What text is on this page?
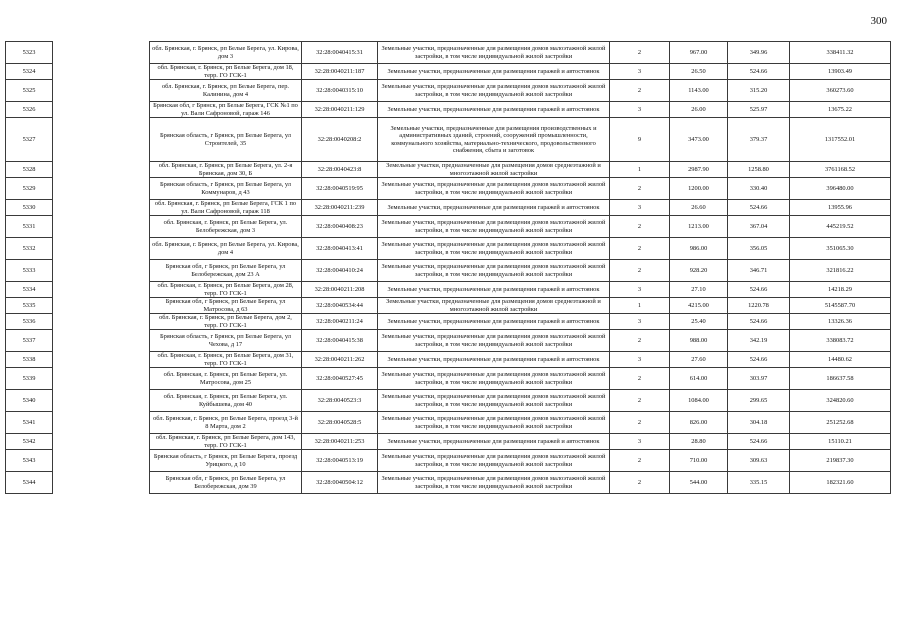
300
5323		обл. Брянская, г. Брянск, рп Белые Берега, ул. Кирова, дом 3	32:28:0040415:31	Земельные участки, предназначенные для размещения домов малоэтажной жилой застройки, в том числе индивидуальной жилой застройки	2	967.00	349.96	338411.32
5324		обл. Брянская, г. Брянск, рп Белые Берега, дом 18, терр. ГО ГСК-1	32:28:0040211:187	Земельные участки, предназначенные для размещения гаражей и автостоянок	3	26.50	524.66	13903.49
5325		обл. Брянская, г. Брянск, рп Белые Берега, пер. Калинина, дом 4	32:28:0040315:10	Земельные участки, предназначенные для размещения домов малоэтажной жилой застройки, в том числе индивидуальной жилой застройки	2	1143.00	315.20	360273.60
5326		Брянская обл, г Брянск, рп Белые Берега, ГСК №1 по ул. Вали Сафроновой, гараж 146	32:28:0040211:129	Земельные участки, предназначенные для размещения гаражей и автостоянок	3	26.00	525.97	13675.22
5327		Брянская область, г Брянск, рп Белые Берега, ул Строителей, 35	32:28:0040208:2	Земельные участки, предназначенные для размещения производственных и административных зданий, строений, сооружений промышленности, коммунального хозяйства, материально-технического, продовольственного снабжения, сбыта и заготовок	9	3473.00	379.37	1317552.01
5328		обл. Брянская, г. Брянск, рп Белые Берега, ул. 2-я Брянская, дом 30, Б	32:28:0040423:8	Земельные участки, предназначенные для размещения домов среднеэтажной и многоэтажной жилой застройки	1	2987.90	1258.80	3761168.52
5329		Брянская область, г Брянск, рп Белые Берега, ул Коммунаров, д 43	32:28:0040519:95	Земельные участки, предназначенные для размещения домов малоэтажной жилой застройки, в том числе индивидуальной жилой застройки	2	1200.00	330.40	396480.00
5330		обл. Брянская, г. Брянск, рп Белые Берега, ГСК 1 по ул. Вали Сафроновой, гараж 118	32:28:0040211:239	Земельные участки, предназначенные для размещения гаражей и автостоянок	3	26.60	524.66	13955.96
5331		обл. Брянская, г. Брянск, рп Белые Берега, ул. Белобережская, дом 3	32:28:0040408:23	Земельные участки, предназначенные для размещения домов малоэтажной жилой застройки, в том числе индивидуальной жилой застройки	2	1213.00	367.04	445219.52
5332		обл. Брянская, г. Брянск, рп Белые Берега, ул. Кирова, дом 4	32:28:0040413:41	Земельные участки, предназначенные для размещения домов малоэтажной жилой застройки, в том числе индивидуальной жилой застройки	2	986.00	356.05	351065.30
5333		Брянская обл, г Брянск, рп Белые Берега, ул Белобережская, дом 23 А	32:28:0040410:24	Земельные участки, предназначенные для размещения домов малоэтажной жилой застройки, в том числе индивидуальной жилой застройки	2	928.20	346.71	321816.22
5334		обл. Брянская, г. Брянск, рп Белые Берега, дом 28, терр. ГО ГСК-1	32:28:0040211:208	Земельные участки, предназначенные для размещения гаражей и автостоянок	3	27.10	524.66	14218.29
5335		Брянская обл, г Брянск, рп Белые Берега, ул Матросова, д 63	32:28:0040534:44	Земельные участки, предназначенные для размещения домов среднеэтажной и многоэтажной жилой застройки	1	4215.00	1220.78	5145587.70
5336		обл. Брянская, г. Брянск, рп Белые Берега, дом 2, терр. ГО ГСК-1	32:28:0040211:24	Земельные участки, предназначенные для размещения гаражей и автостоянок	3	25.40	524.66	13326.36
5337		Брянская область, г Брянск, рп Белые Берега, ул Чехова, д 17	32:28:0040415:38	Земельные участки, предназначенные для размещения домов малоэтажной жилой застройки, в том числе индивидуальной жилой застройки	2	988.00	342.19	338083.72
5338		обл. Брянская, г. Брянск, рп Белые Берега, дом 31, терр. ГО ГСК-1	32:28:0040211:262	Земельные участки, предназначенные для размещения гаражей и автостоянок	3	27.60	524.66	14480.62
5339		обл. Брянская, г. Брянск, рп Белые Берега, ул. Матросова, дом 25	32:28:0040527:45	Земельные участки, предназначенные для размещения домов малоэтажной жилой застройки, в том числе индивидуальной жилой застройки	2	614.00	303.97	186637.58
5340		обл. Брянская, г. Брянск, рп Белые Берега, ул. Куйбышева, дом 40	32:28:0040523:3	Земельные участки, предназначенные для размещения домов малоэтажной жилой застройки, в том числе индивидуальной жилой застройки	2	1084.00	299.65	324820.60
5341		обл. Брянская, г. Брянск, рп Белые Берега, проезд 3-й 8 Марта, дом 2	32:28:0040528:5	Земельные участки, предназначенные для размещения домов малоэтажной жилой застройки, в том числе индивидуальной жилой застройки	2	826.00	304.18	251252.68
5342		обл. Брянская, г. Брянск, рп Белые Берега, дом 143, терр. ГО ГСК-1	32:28:0040211:253	Земельные участки, предназначенные для размещения гаражей и автостоянок	3	28.80	524.66	15110.21
5343		Брянская область, г Брянск, рп Белые Берега, проезд Урицкого, д 10	32:28:0040513:19	Земельные участки, предназначенные для размещения домов малоэтажной жилой застройки, в том числе индивидуальной жилой застройки	2	710.00	309.63	219837.30
5344		Брянская обл, г Брянск, рп Белые Берега, ул Белобережская, дом 39	32:28:0040504:12	Земельные участки, предназначенные для размещения домов малоэтажной жилой застройки, в том числе индивидуальной жилой застройки	2	544.00	335.15	182321.60
